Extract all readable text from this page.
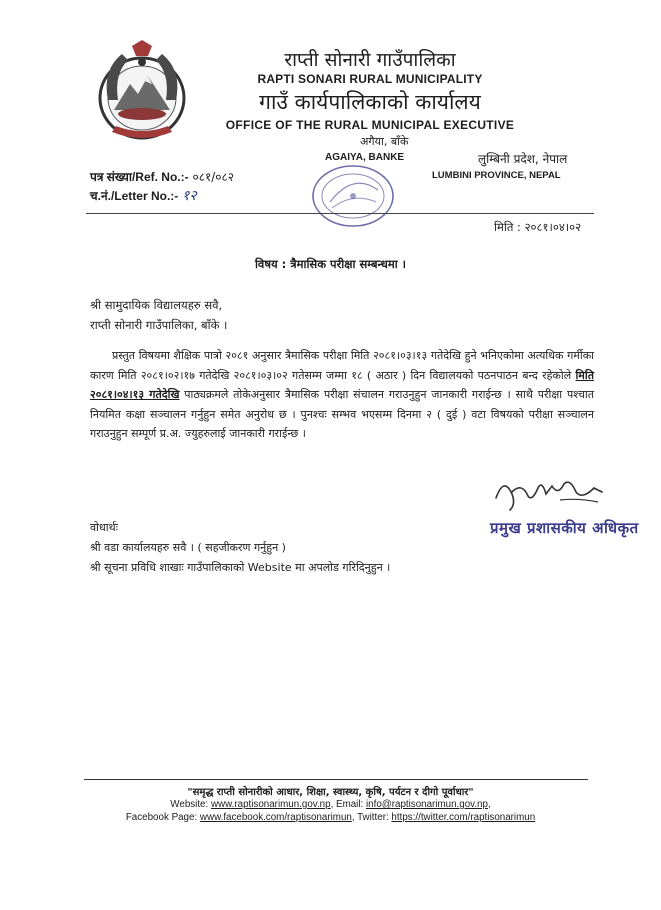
राप्ती सोनारी गाउँपालिका
RAPTI SONARI RURAL MUNICIPALITY
गाउँ कार्यपालिकाको कार्यालय
OFFICE OF THE RURAL MUNICIPAL EXECUTIVE
अगैया, बाँके
AGAIYA, BANKE	लुम्बिनी प्रदेश, नेपाल
LUMBINI PROVINCE, NEPAL
पत्र संख्या/Ref. No.:- ०८१/०८२
च.नं./Letter No.:- १२
मिति : २०८१।०४।०२
विषय : त्रैमासिक परीक्षा सम्बन्धमा ।
श्री सामुदायिक विद्यालयहरु सवै,
राप्ती सोनारी गाउँपालिका, बाँके ।
प्रस्तुत विषयमा शैक्षिक पात्रो २०८१ अनुसार त्रैमासिक परीक्षा मिति २०८१।०३।१३ गतेदेखि हुने भनिएकोमा अत्यधिक गर्मीका कारण मिति २०८१।०२।१७ गतेदेखि २०८१।०३।०२ गतेसम्म जम्मा १८ ( अठार ) दिन विद्यालयको पठनपाठन बन्द रहेकोले मिति २०८१।०४।१३ गतेदेखि पाठ्यक्रमले तोकेअनुसार त्रैमासिक परीक्षा संचालन गराउनुहुन जानकारी गराईन्छ । साथै परीक्षा पश्चात नियमित कक्षा सञ्चालन गर्नुहुन समेत अनुरोध छ । पुनश्चः सम्भव भएसम्म दिनमा २ ( दुई ) वटा विषयको परीक्षा सञ्चालन गराउनुहुन सम्पूर्ण प्र.अ. ज्युहरुलाई जानकारी गराईन्छ ।
प्रमुख प्रशासकीय अधिकृत
वोधार्थः
श्री वडा कार्यालयहरु सवै । ( सहजीकरण गर्नुहुन )
श्री सूचना प्रविधि शाखाः गाउँपालिकाको Website मा अपलोड गरिदिनुहुन ।
"समृद्ध राप्ती सोनारीको आधार, शिक्षा, स्वास्थ्य, कृषि, पर्यटन र दीगो पूर्वाधार"
Website: www.raptisonarimun.gov.np, Email: info@raptisonarimun.gov.np,
Facebook Page: www.facebook.com/raptisonarimun, Twitter: https://twitter.com/raptisonarimun
